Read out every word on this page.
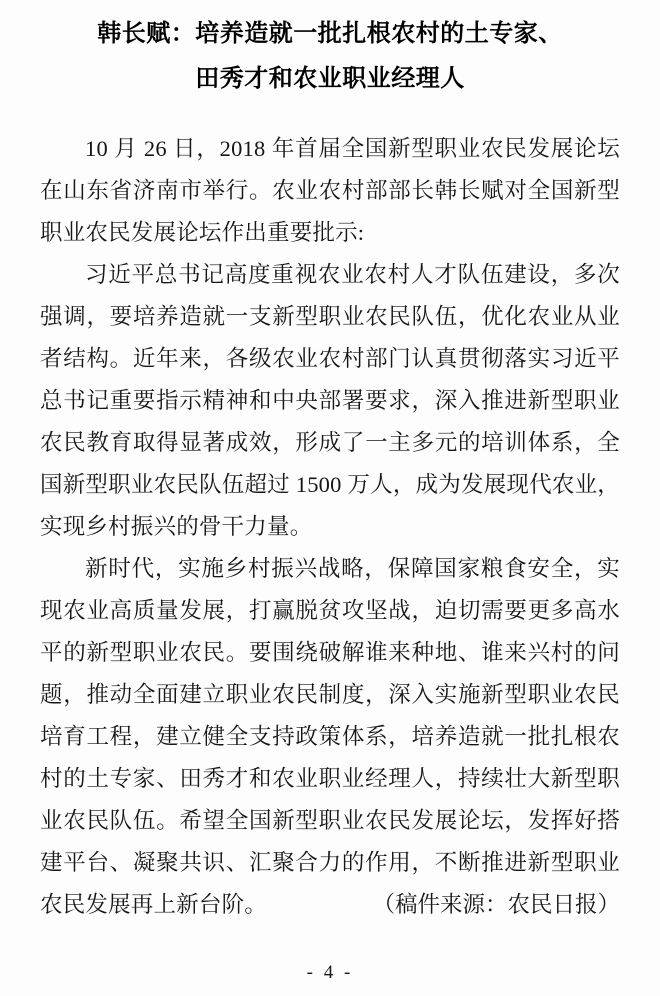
韩长赋：培养造就一批扎根农村的土专家、
田秀才和农业职业经理人

10 月 26 日，2018 年首届全国新型职业农民发展论坛在山东省济南市举行。农业农村部部长韩长赋对全国新型职业农民发展论坛作出重要批示:

习近平总书记高度重视农业农村人才队伍建设，多次强调，要培养造就一支新型职业农民队伍，优化农业从业者结构。近年来，各级农业农村部门认真贯彻落实习近平总书记重要指示精神和中央部署要求，深入推进新型职业农民教育取得显著成效，形成了一主多元的培训体系，全国新型职业农民队伍超过 1500 万人，成为发展现代农业，实现乡村振兴的骨干力量。

新时代，实施乡村振兴战略，保障国家粮食安全，实现农业高质量发展，打赢脱贫攻坚战，迫切需要更多高水平的新型职业农民。要围绕破解谁来种地、谁来兴村的问题，推动全面建立职业农民制度，深入实施新型职业农民培育工程，建立健全支持政策体系，培养造就一批扎根农村的土专家、田秀才和农业职业经理人，持续壮大新型职业农民队伍。希望全国新型职业农民发展论坛，发挥好搭建平台、凝聚共识、汇聚合力的作用，不断推进新型职业农民发展再上新台阶。	（稿件来源：农民日报）
- 4 -
